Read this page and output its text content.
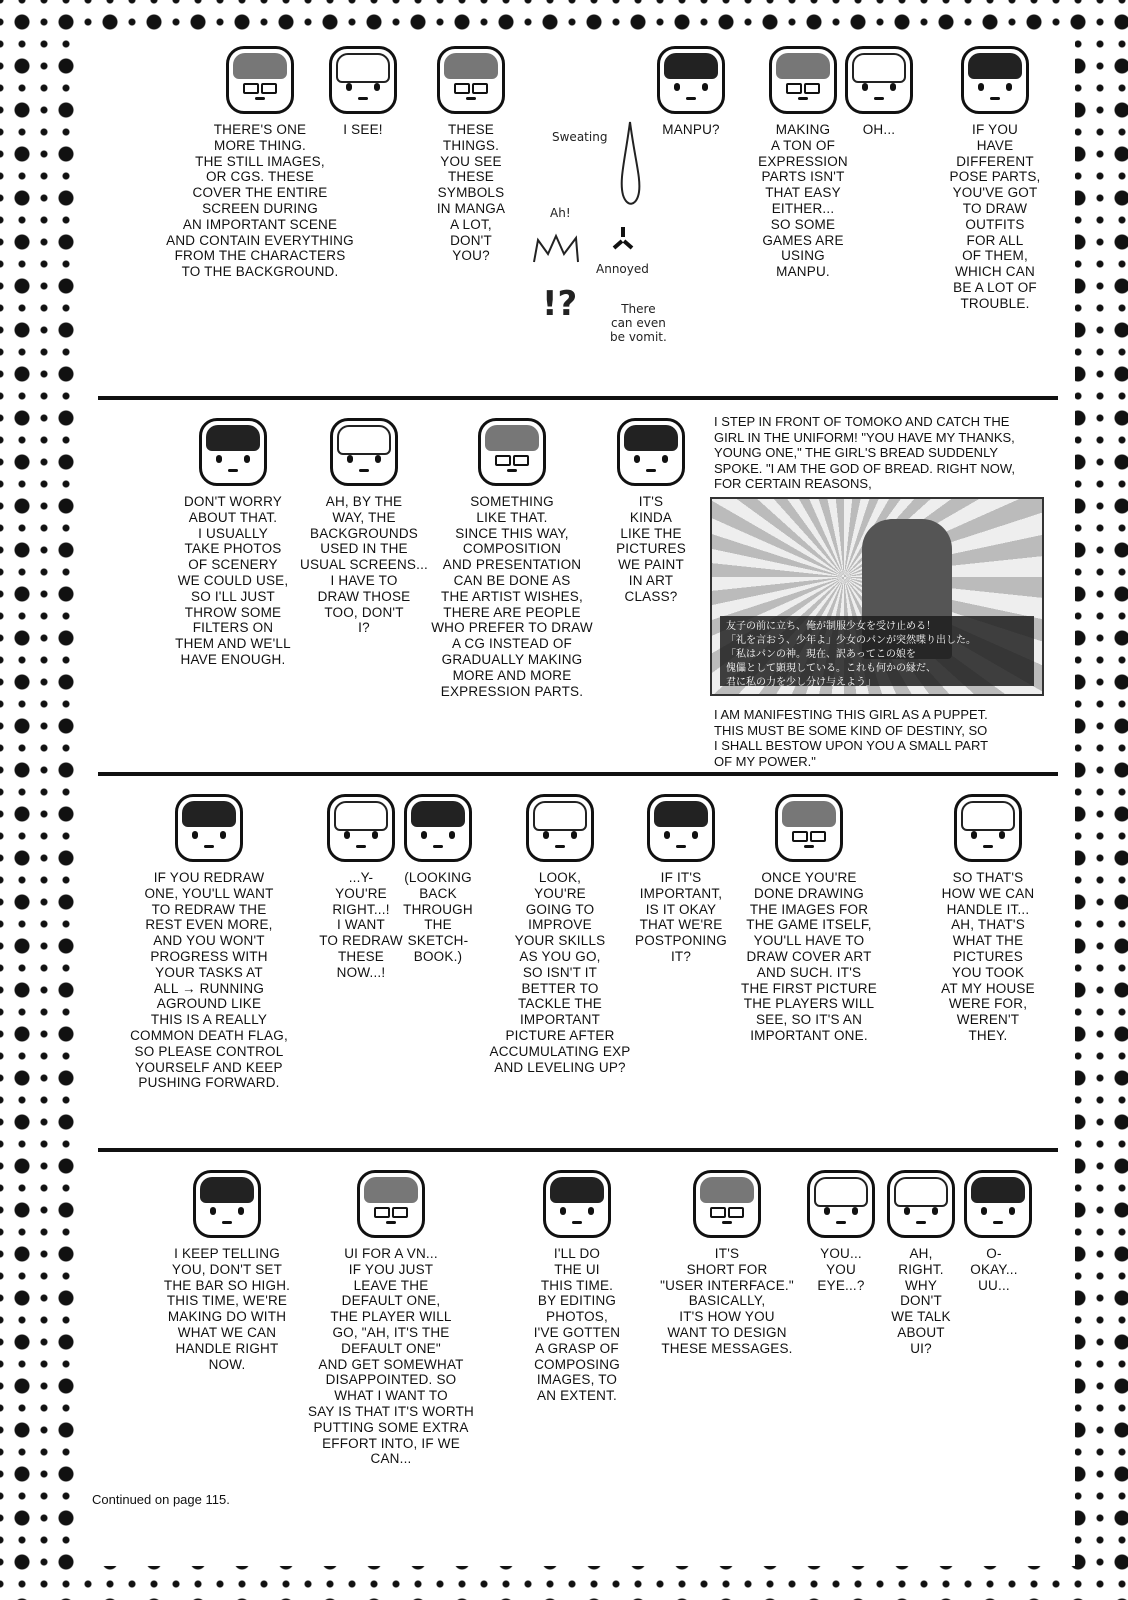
THERE'S ONE
MORE THING.
THE STILL IMAGES,
OR CGS. THESE
COVER THE ENTIRE
SCREEN DURING
AN IMPORTANT SCENE
AND CONTAIN EVERYTHING
FROM THE CHARACTERS
TO THE BACKGROUND.
I SEE!	THESE
THINGS.
YOU SEE
THESE
SYMBOLS
IN MANGA
A LOT,
DON'T
YOU?
MANPU?	MAKING
A TON OF
EXPRESSION
PARTS ISN'T
THAT EASY
EITHER...
SO SOME
GAMES ARE
USING
MANPU.
OH...	IF YOU
HAVE
DIFFERENT
POSE PARTS,
YOU'VE GOT
TO DRAW
OUTFITS
FOR ALL
OF THEM,
WHICH CAN
BE A LOT OF
TROUBLE.
Sweating
Ah!
Annoyed
!?	There
can even
be vomit.
DON'T WORRY
ABOUT THAT.
I USUALLY
TAKE PHOTOS
OF SCENERY
WE COULD USE,
SO I'LL JUST
THROW SOME
FILTERS ON
THEM AND WE'LL
HAVE ENOUGH.
AH, BY THE
WAY, THE
BACKGROUNDS
USED IN THE
USUAL SCREENS...
I HAVE TO
DRAW THOSE
TOO, DON'T
I?
SOMETHING
LIKE THAT.
SINCE THIS WAY,
COMPOSITION
AND PRESENTATION
CAN BE DONE AS
THE ARTIST WISHES,
THERE ARE PEOPLE
WHO PREFER TO DRAW
A CG INSTEAD OF
GRADUALLY MAKING
MORE AND MORE
EXPRESSION PARTS.
IT'S
KINDA
LIKE THE
PICTURES
WE PAINT
IN ART
CLASS?
I STEP IN FRONT OF TOMOKO AND CATCH THE
GIRL IN THE UNIFORM! "YOU HAVE MY THANKS,
YOUNG ONE," THE GIRL'S BREAD SUDDENLY
SPOKE. "I AM THE GOD OF BREAD. RIGHT NOW,
FOR CERTAIN REASONS,
友子の前に立ち、俺が制服少女を受け止める！
「礼を言おう、少年よ」少女のパンが突然喋り出した。
「私はパンの神。現在、訳あってこの娘を
傀儡として顕現している。これも何かの縁だ、
君に私の力を少し分け与えよう」
I AM MANIFESTING THIS GIRL AS A PUPPET.
THIS MUST BE SOME KIND OF DESTINY, SO
I SHALL BESTOW UPON YOU A SMALL PART
OF MY POWER."
IF YOU REDRAW
ONE, YOU'LL WANT
TO REDRAW THE
REST EVEN MORE,
AND YOU WON'T
PROGRESS WITH
YOUR TASKS AT
ALL → RUNNING
AGROUND LIKE
THIS IS A REALLY
COMMON DEATH FLAG,
SO PLEASE CONTROL
YOURSELF AND KEEP
PUSHING FORWARD.
...Y-
YOU'RE
RIGHT...!
I WANT
TO REDRAW
THESE
NOW...!
(LOOKING
BACK
THROUGH
THE
SKETCH-
BOOK.)
LOOK,
YOU'RE
GOING TO
IMPROVE
YOUR SKILLS
AS YOU GO,
SO ISN'T IT
BETTER TO
TACKLE THE
IMPORTANT
PICTURE AFTER
ACCUMULATING EXP
AND LEVELING UP?
IF IT'S
IMPORTANT,
IS IT OKAY
THAT WE'RE
POSTPONING
IT?
ONCE YOU'RE
DONE DRAWING
THE IMAGES FOR
THE GAME ITSELF,
YOU'LL HAVE TO
DRAW COVER ART
AND SUCH. IT'S
THE FIRST PICTURE
THE PLAYERS WILL
SEE, SO IT'S AN
IMPORTANT ONE.
SO THAT'S
HOW WE CAN
HANDLE IT...
AH, THAT'S
WHAT THE
PICTURES
YOU TOOK
AT MY HOUSE
WERE FOR,
WEREN'T
THEY.
I KEEP TELLING
YOU, DON'T SET
THE BAR SO HIGH.
THIS TIME, WE'RE
MAKING DO WITH
WHAT WE CAN
HANDLE RIGHT
NOW.
UI FOR A VN...
IF YOU JUST
LEAVE THE
DEFAULT ONE,
THE PLAYER WILL
GO, "AH, IT'S THE
DEFAULT ONE"
AND GET SOMEWHAT
DISAPPOINTED. SO
WHAT I WANT TO
SAY IS THAT IT'S WORTH
PUTTING SOME EXTRA
EFFORT INTO, IF WE
CAN...
I'LL DO
THE UI
THIS TIME.
BY EDITING
PHOTOS,
I'VE GOTTEN
A GRASP OF
COMPOSING
IMAGES, TO
AN EXTENT.
IT'S
SHORT FOR
"USER INTERFACE."
BASICALLY,
IT'S HOW YOU
WANT TO DESIGN
THESE MESSAGES.
YOU...
YOU
EYE...?
AH,
RIGHT.
WHY
DON'T
WE TALK
ABOUT UI?
O-
OKAY...
UU...
Continued on page 115.
